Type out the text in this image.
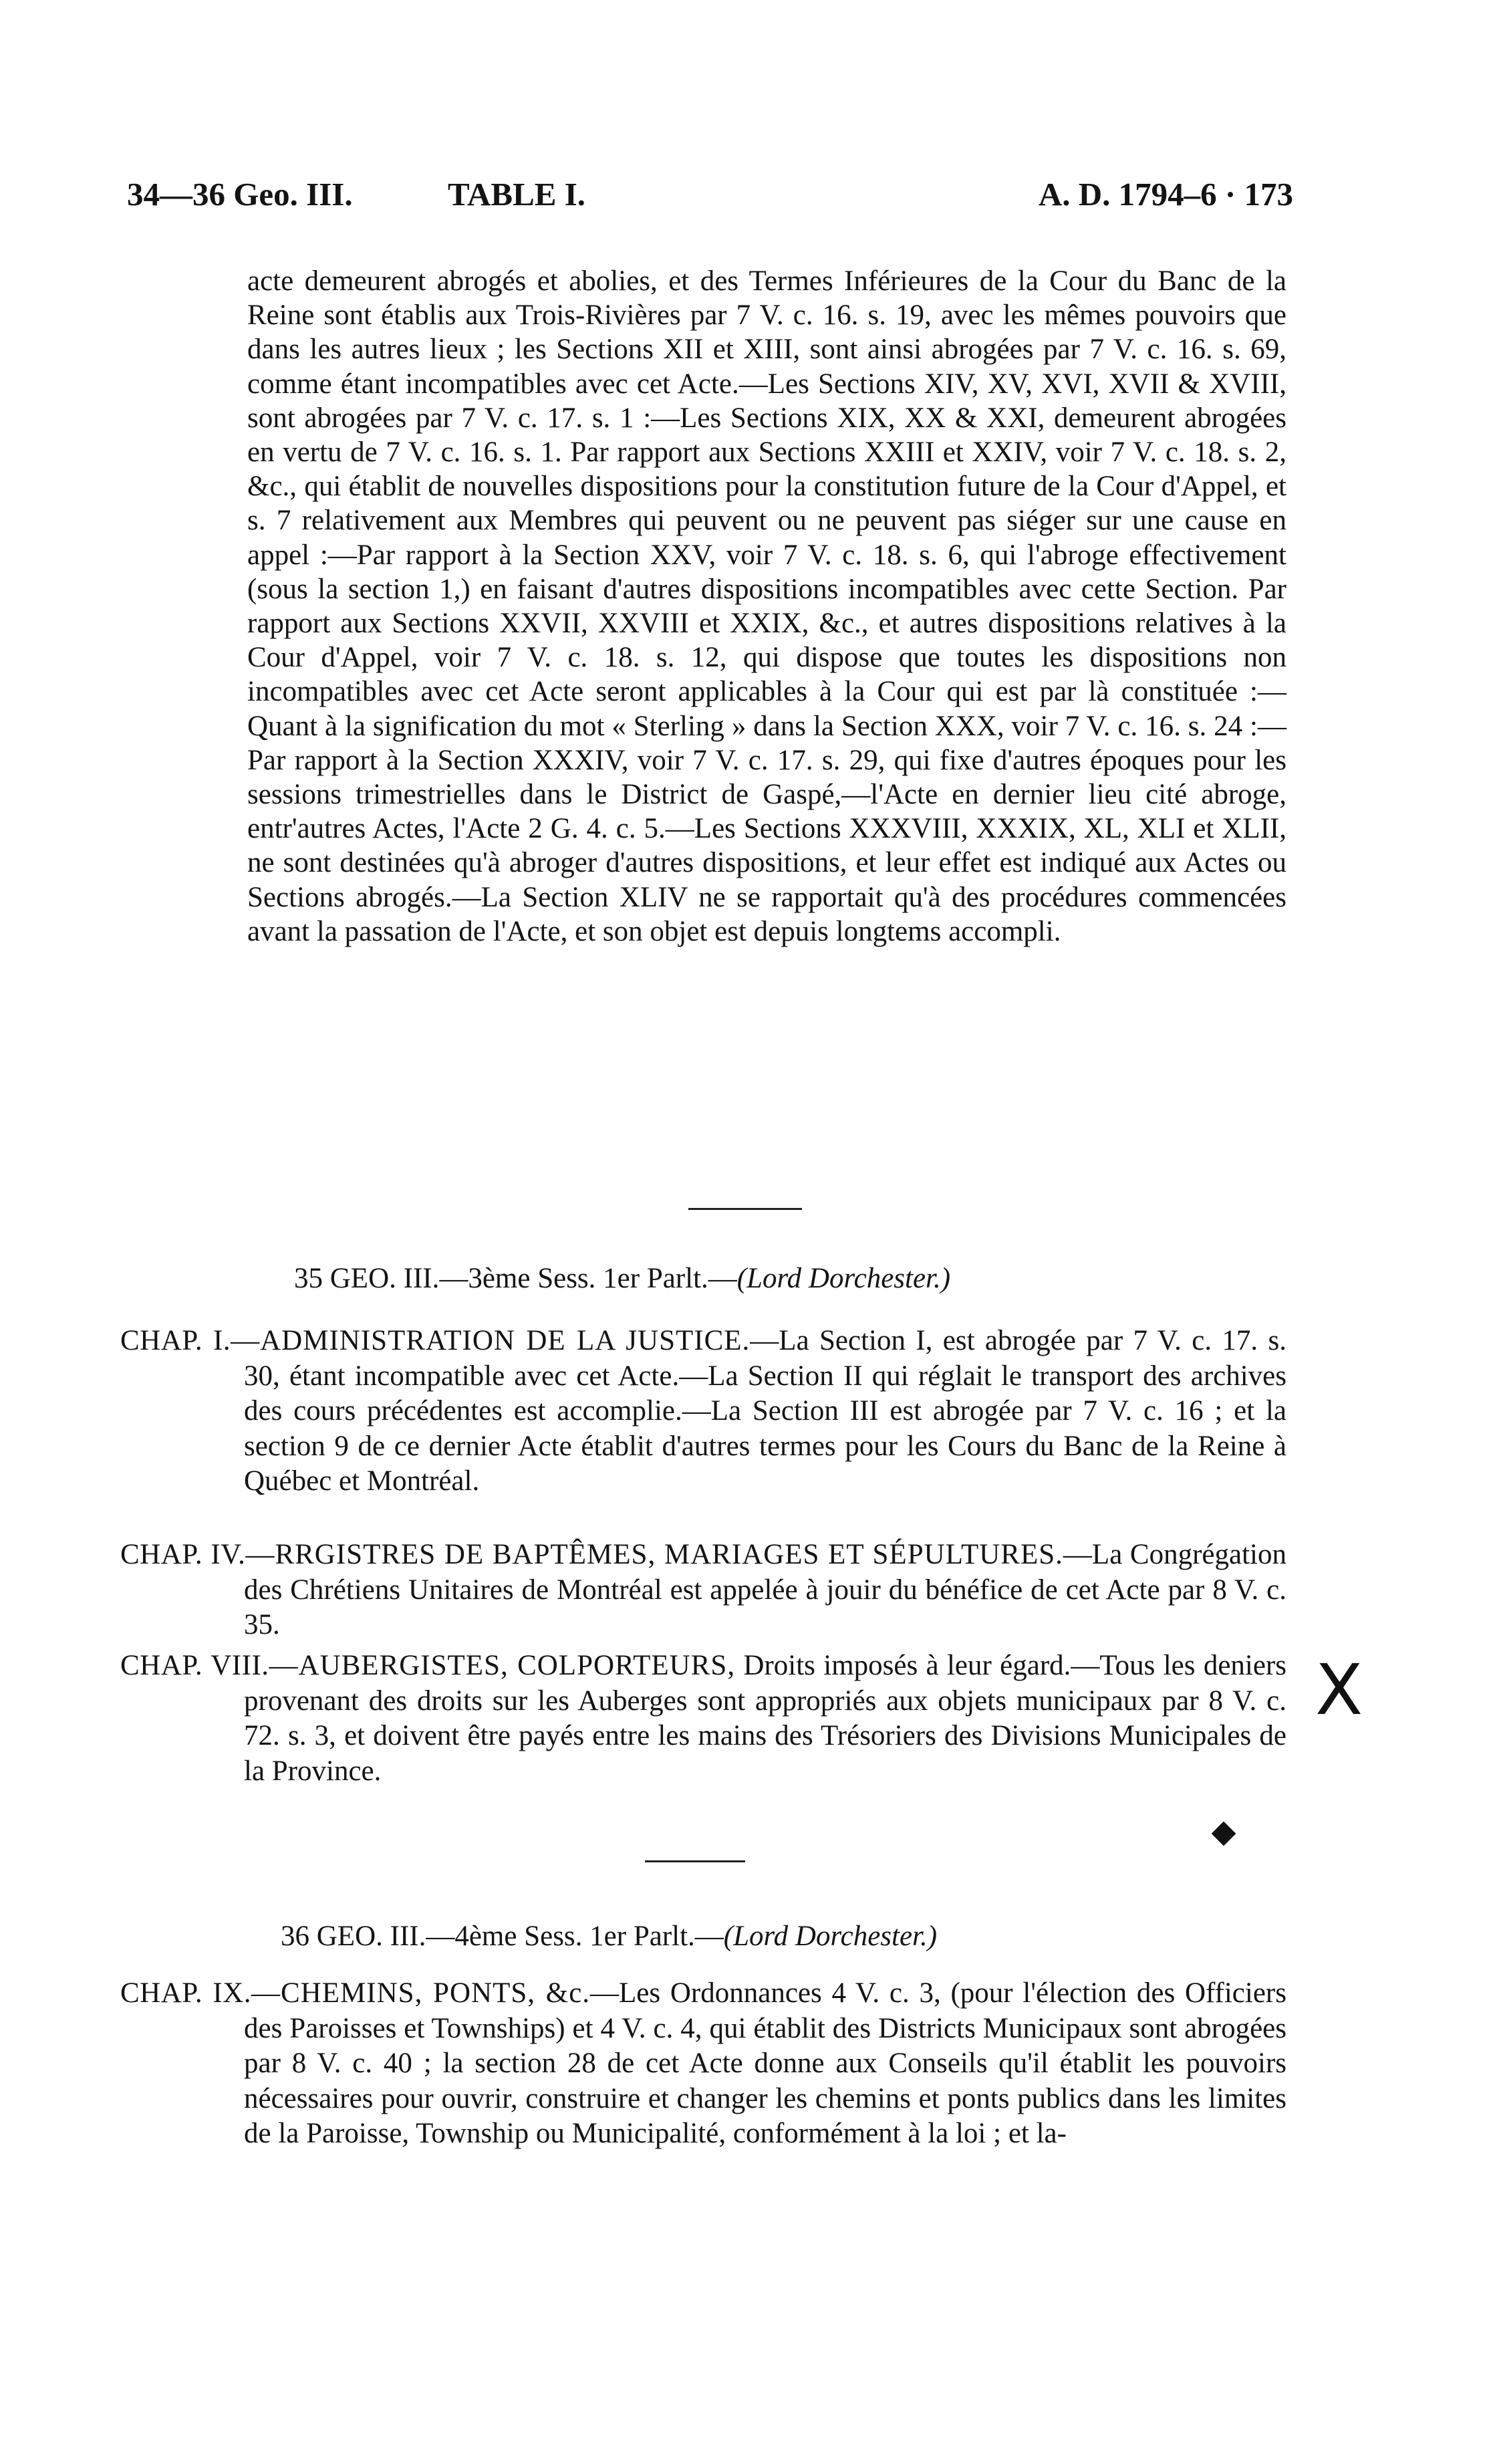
34—36 Geo. III.	TABLE I.	A. D. 1794–6 · 173
acte demeurent abrogés et abolies, et des Termes Inférieures de la Cour du Banc de la Reine sont établis aux Trois-Rivières par 7 V. c. 16. s. 19, avec les mêmes pouvoirs que dans les autres lieux ; les Sections XII et XIII, sont ainsi abrogées par 7 V. c. 16. s. 69, comme étant incompatibles avec cet Acte.—Les Sections XIV, XV, XVI, XVII & XVIII, sont abrogées par 7 V. c. 17. s. 1 :—Les Sections XIX, XX & XXI, demeurent abrogées en vertu de 7 V. c. 16. s. 1. Par rapport aux Sections XXIII et XXIV, voir 7 V. c. 18. s. 2, &c., qui établit de nouvelles dispositions pour la constitution future de la Cour d'Appel, et s. 7 relativement aux Membres qui peuvent ou ne peuvent pas siéger sur une cause en appel :—Par rapport à la Section XXV, voir 7 V. c. 18. s. 6, qui l'abroge effectivement (sous la section 1,) en faisant d'autres dispositions incompatibles avec cette Section. Par rapport aux Sections XXVII, XXVIII et XXIX, &c., et autres dispositions relatives à la Cour d'Appel, voir 7 V. c. 18. s. 12, qui dispose que toutes les dispositions non incompatibles avec cet Acte seront applicables à la Cour qui est par là constituée :—Quant à la signification du mot « Sterling » dans la Section XXX, voir 7 V. c. 16. s. 24 :—Par rapport à la Section XXXIV, voir 7 V. c. 17. s. 29, qui fixe d'autres époques pour les sessions trimestrielles dans le District de Gaspé,—l'Acte en dernier lieu cité abroge, entr'autres Actes, l'Acte 2 G. 4. c. 5.—Les Sections XXXVIII, XXXIX, XL, XLI et XLII, ne sont destinées qu'à abroger d'autres dispositions, et leur effet est indiqué aux Actes ou Sections abrogés.—La Section XLIV ne se rapportait qu'à des procédures commencées avant la passation de l'Acte, et son objet est depuis longtems accompli.
35 GEO. III.—3ème Sess. 1er Parlt.—(Lord Dorchester.)
CHAP. I.—ADMINISTRATION DE LA JUSTICE.—La Section I, est abrogée par 7 V. c. 17. s. 30, étant incompatible avec cet Acte.—La Section II qui réglait le transport des archives des cours précédentes est accomplie.—La Section III est abrogée par 7 V. c. 16 ; et la section 9 de ce dernier Acte établit d'autres termes pour les Cours du Banc de la Reine à Québec et Montréal.
CHAP. IV.—RRGISTRES DE BAPTÊMES, MARIAGES ET SÉPULTURES.—La Congrégation des Chrétiens Unitaires de Montréal est appelée à jouir du bénéfice de cet Acte par 8 V. c. 35.
CHAP. VIII.—AUBERGISTES, COLPORTEURS, Droits imposés à leur égard.—Tous les deniers provenant des droits sur les Auberges sont appropriés aux objets municipaux par 8 V. c. 72. s. 3, et doivent être payés entre les mains des Trésoriers des Divisions Municipales de la Province.
X
36 GEO. III.—4ème Sess. 1er Parlt.—(Lord Dorchester.)
CHAP. IX.—CHEMINS, PONTS, &c.—Les Ordonnances 4 V. c. 3, (pour l'élection des Officiers des Paroisses et Townships) et 4 V. c. 4, qui établit des Districts Municipaux sont abrogées par 8 V. c. 40 ; la section 28 de cet Acte donne aux Conseils qu'il établit les pouvoirs nécessaires pour ouvrir, construire et changer les chemins et ponts publics dans les limites de la Paroisse, Township ou Municipalité, conformément à la loi ; et la-
